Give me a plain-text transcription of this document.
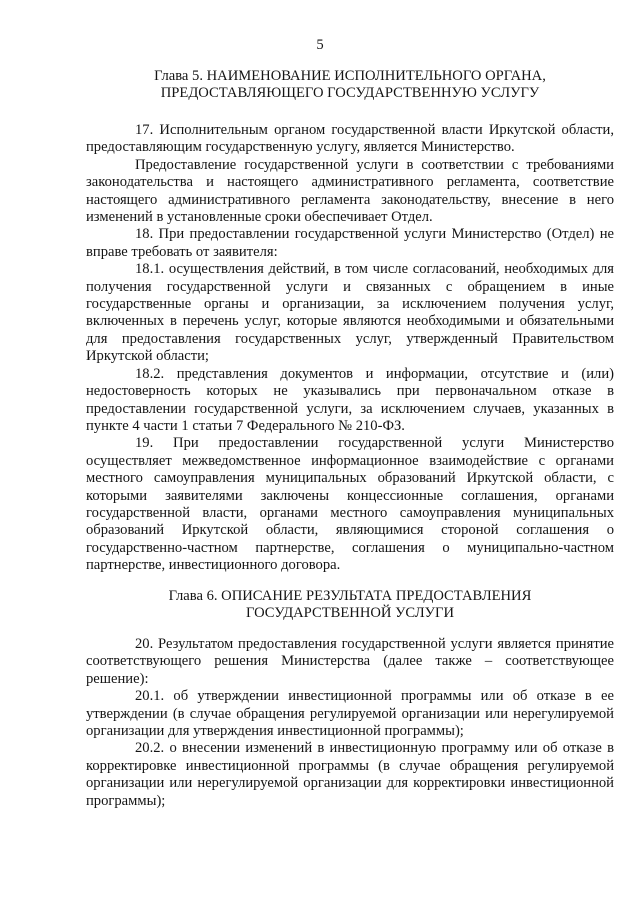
5
Глава 5. НАИМЕНОВАНИЕ ИСПОЛНИТЕЛЬНОГО ОРГАНА,
ПРЕДОСТАВЛЯЮЩЕГО ГОСУДАРСТВЕННУЮ УСЛУГУ

17. Исполнительным органом государственной власти Иркутской области, предоставляющим государственную услугу, является Министерство.

Предоставление государственной услуги в соответствии с требованиями законодательства и настоящего административного регламента, соответствие настоящего административного регламента законодательству, внесение в него изменений в установленные сроки обеспечивает Отдел.

18. При предоставлении государственной услуги Министерство (Отдел) не вправе требовать от заявителя:

18.1. осуществления действий, в том числе согласований, необходимых для получения государственной услуги и связанных с обращением в иные государственные органы и организации, за исключением получения услуг, включенных в перечень услуг, которые являются необходимыми и обязательными для предоставления государственных услуг, утвержденный Правительством Иркутской области;

18.2. представления документов и информации, отсутствие и (или) недостоверность которых не указывались при первоначальном отказе в предоставлении государственной услуги, за исключением случаев, указанных в пункте 4 части 1 статьи 7 Федерального № 210-ФЗ.

19. При предоставлении государственной услуги Министерство осуществляет межведомственное информационное взаимодействие с органами местного самоуправления муниципальных образований Иркутской области, с которыми заявителями заключены концессионные соглашения, органами государственной власти, органами местного самоуправления муниципальных образований Иркутской области, являющимися стороной соглашения о государственно-частном партнерстве, соглашения о муниципально-частном партнерстве, инвестиционного договора.

Глава 6. ОПИСАНИЕ РЕЗУЛЬТАТА ПРЕДОСТАВЛЕНИЯ
ГОСУДАРСТВЕННОЙ УСЛУГИ

20. Результатом предоставления государственной услуги является принятие соответствующего решения Министерства (далее также – соответствующее решение):

20.1. об утверждении инвестиционной программы или об отказе в ее утверждении (в случае обращения регулируемой организации или нерегулируемой организации для утверждения инвестиционной программы);

20.2. о внесении изменений в инвестиционную программу или об отказе в корректировке инвестиционной программы (в случае обращения регулируемой организации или нерегулируемой организации для корректировки инвестиционной программы);
